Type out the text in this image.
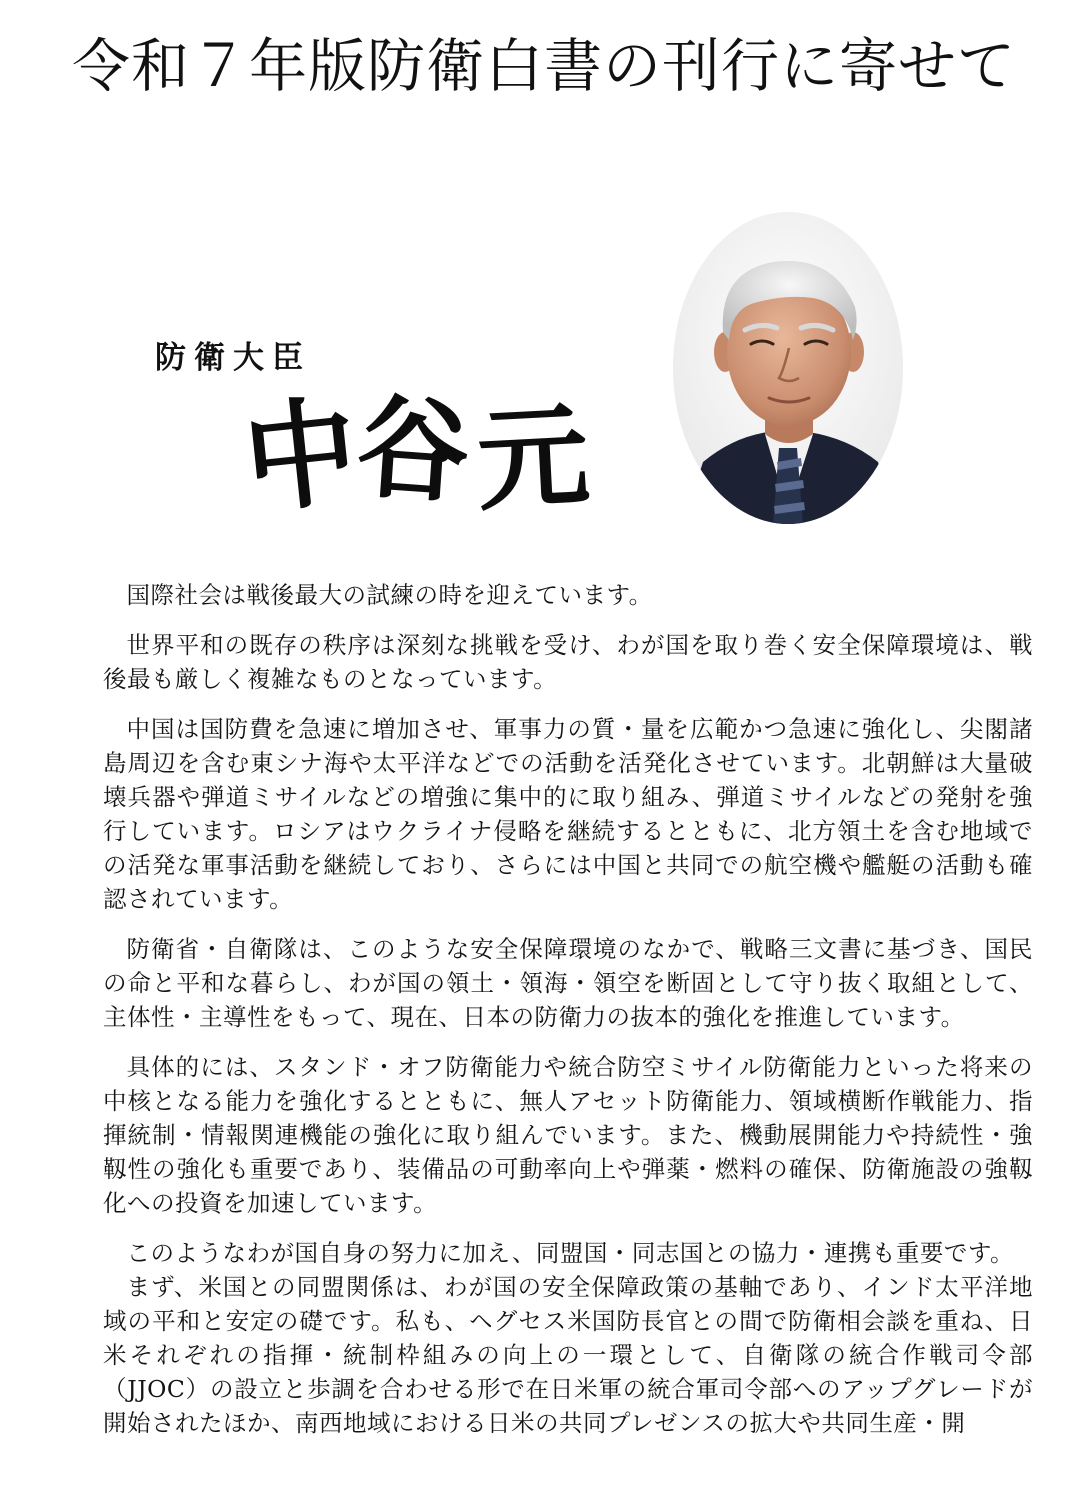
令和７年版防衛白書の刊行に寄せて
防衛大臣
中
谷 元

国際社会は戦後最大の試練の時を迎えています。

世界平和の既存の秩序は深刻な挑戦を受け、わが国を取り巻く安全保障環境は、戦後最も厳しく複雑なものとなっています。

中国は国防費を急速に増加させ、軍事力の質・量を広範かつ急速に強化し、尖閣諸島周辺を含む東シナ海や太平洋などでの活動を活発化させています。北朝鮮は大量破壊兵器や弾道ミサイルなどの増強に集中的に取り組み、弾道ミサイルなどの発射を強行しています。ロシアはウクライナ侵略を継続するとともに、北方領土を含む地域での活発な軍事活動を継続しており、さらには中国と共同での航空機や艦艇の活動も確認されています。

防衛省・自衛隊は、このような安全保障環境のなかで、戦略三文書に基づき、国民の命と平和な暮らし、わが国の領土・領海・領空を断固として守り抜く取組として、主体性・主導性をもって、現在、日本の防衛力の抜本的強化を推進しています。

具体的には、スタンド・オフ防衛能力や統合防空ミサイル防衛能力といった将来の中核となる能力を強化するとともに、無人アセット防衛能力、領域横断作戦能力、指揮統制・情報関連機能の強化に取り組んでいます。また、機動展開能力や持続性・強靱性の強化も重要であり、装備品の可動率向上や弾薬・燃料の確保、防衛施設の強靱化への投資を加速しています。

このようなわが国自身の努力に加え、同盟国・同志国との協力・連携も重要です。

まず、米国との同盟関係は、わが国の安全保障政策の基軸であり、インド太平洋地域の平和と安定の礎です。私も、ヘグセス米国防長官との間で防衛相会談を重ね、日米それぞれの指揮・統制枠組みの向上の一環として、自衛隊の統合作戦司令部（JJOC）の設立と歩調を合わせる形で在日米軍の統合軍司令部へのアップグレードが開始されたほか、南西地域における日米の共同プレゼンスの拡大や共同生産・開
